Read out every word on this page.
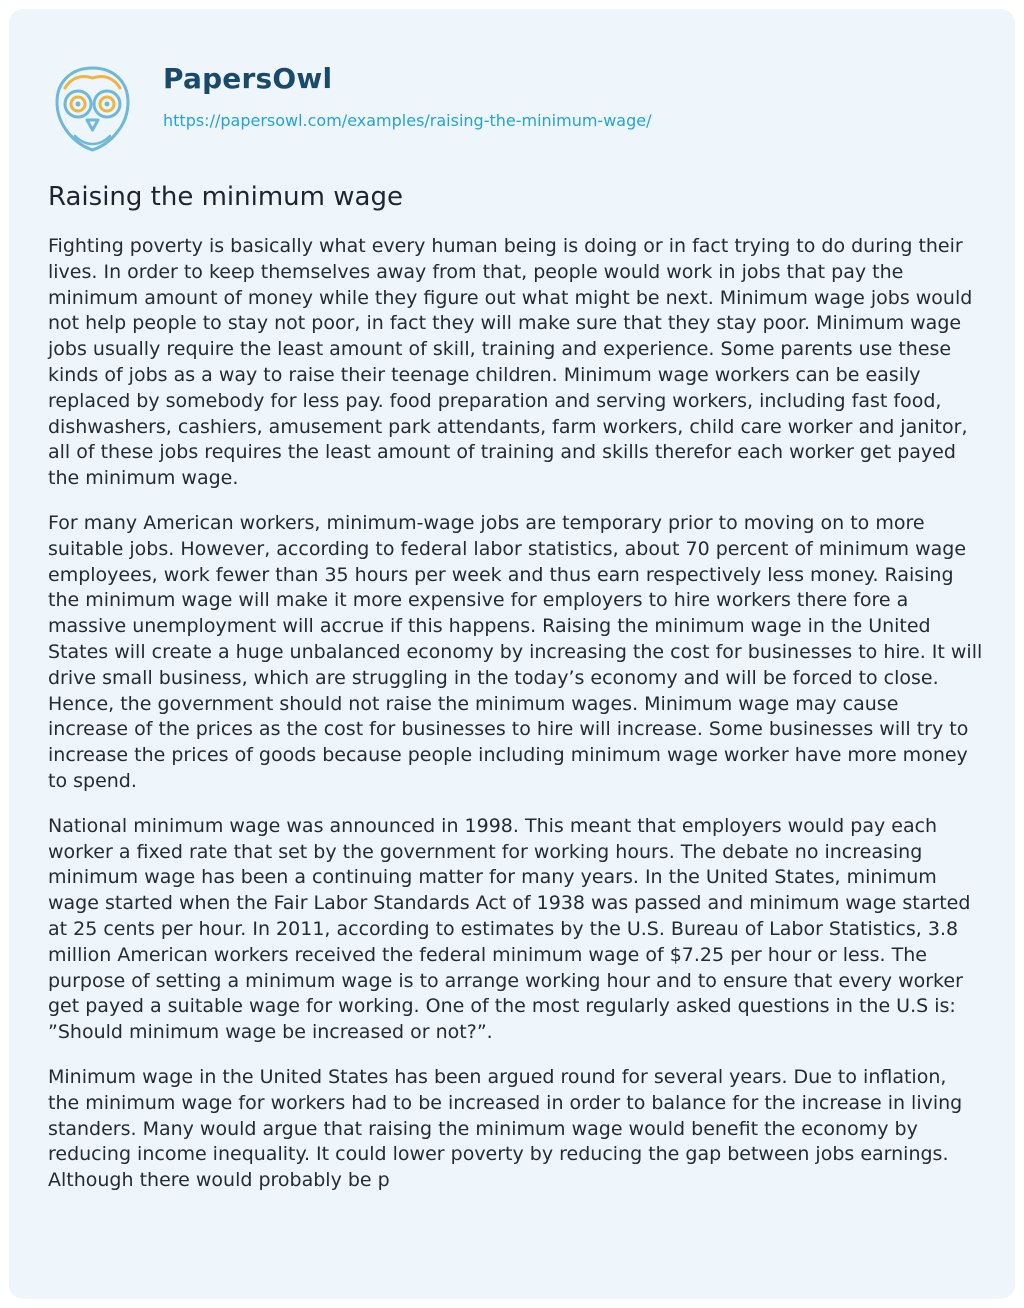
PapersOwl
https://papersowl.com/examples/raising-the-minimum-wage/
Raising the minimum wage

Fighting poverty is basically what every human being is doing or in fact trying to do during their lives. In order to keep themselves away from that, people would work in jobs that pay the minimum amount of money while they figure out what might be next. Minimum wage jobs would not help people to stay not poor, in fact they will make sure that they stay poor. Minimum wage jobs usually require the least amount of skill, training and experience. Some parents use these kinds of jobs as a way to raise their teenage children. Minimum wage workers can be easily replaced by somebody for less pay. food preparation and serving workers, including fast food, dishwashers, cashiers, amusement park attendants, farm workers, child care worker and janitor, all of these jobs requires the least amount of training and skills therefor each worker get payed the minimum wage.

For many American workers, minimum-wage jobs are temporary prior to moving on to more suitable jobs. However, according to federal labor statistics, about 70 percent of minimum wage employees, work fewer than 35 hours per week and thus earn respectively less money. Raising the minimum wage will make it more expensive for employers to hire workers there fore a massive unemployment will accrue if this happens. Raising the minimum wage in the United States will create a huge unbalanced economy by increasing the cost for businesses to hire. It will drive small business, which are struggling in the today’s economy and will be forced to close. Hence, the government should not raise the minimum wages. Minimum wage may cause increase of the prices as the cost for businesses to hire will increase. Some businesses will try to increase the prices of goods because people including minimum wage worker have more money to spend.

National minimum wage was announced in 1998. This meant that employers would pay each worker a fixed rate that set by the government for working hours. The debate no increasing minimum wage has been a continuing matter for many years. In the United States, minimum wage started when the Fair Labor Standards Act of 1938 was passed and minimum wage started at 25 cents per hour. In 2011, according to estimates by the U.S. Bureau of Labor Statistics, 3.8 million American workers received the federal minimum wage of $7.25 per hour or less. The purpose of setting a minimum wage is to arrange working hour and to ensure that every worker get payed a suitable wage for working. One of the most regularly asked questions in the U.S is: ”Should minimum wage be increased or not?”.

Minimum wage in the United States has been argued round for several years. Due to inflation, the minimum wage for workers had to be increased in order to balance for the increase in living standers. Many would argue that raising the minimum wage would benefit the economy by reducing income inequality. It could lower poverty by reducing the gap between jobs earnings. Although there would probably be p
